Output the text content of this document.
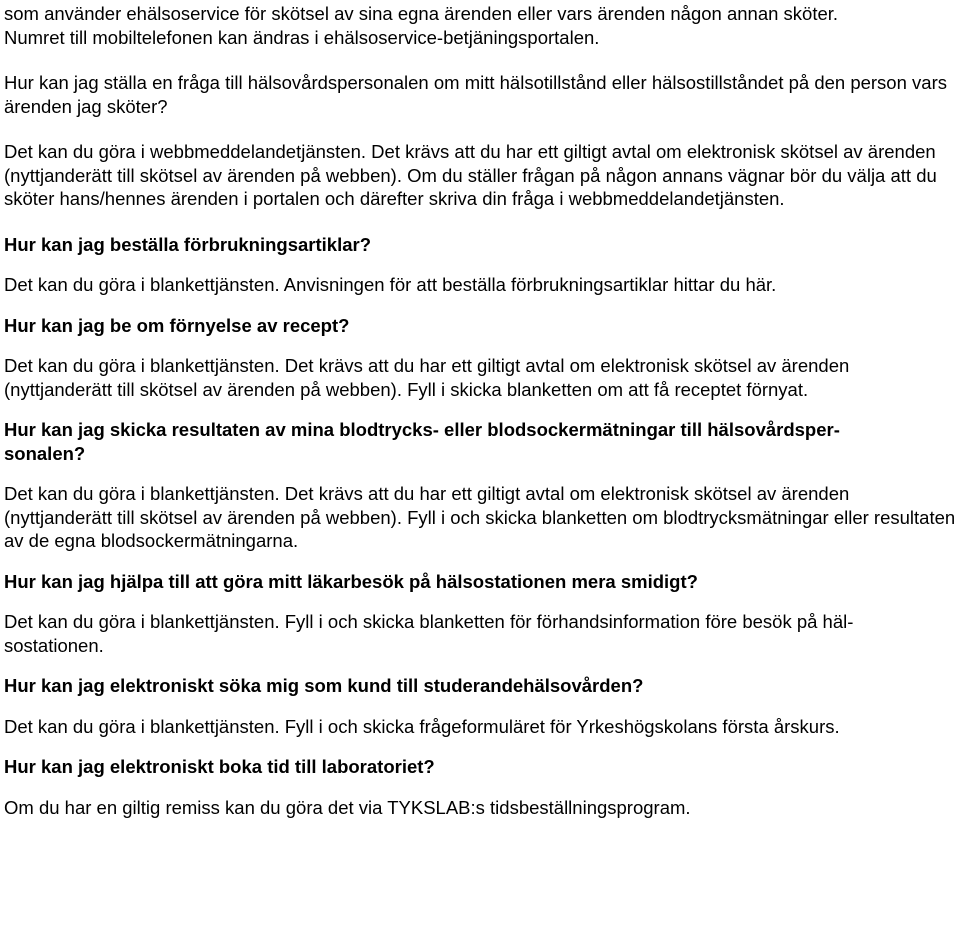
som använder ehälsoservice för skötsel av sina egna ärenden eller vars ärenden någon annan sköter.
Numret till mobiltelefonen kan ändras i ehälsoservice-betjäningsportalen.

Hur kan jag ställa en fråga till hälsovårdspersonalen om mitt hälsotillstånd eller hälsostillståndet på den person vars ärenden jag sköter?

Det kan du göra i webbmeddelandetjänsten. Det krävs att du har ett giltigt avtal om elektronisk skötsel av ärenden (nyttjanderätt till skötsel av ärenden på webben). Om du ställer frågan på någon annans vägnar bör du välja att du sköter hans/hennes ärenden i portalen och därefter skriva din fråga i webbmeddelandetjänsten.

Hur kan jag beställa förbrukningsartiklar?

Det kan du göra i blankettjänsten. Anvisningen för att beställa förbrukningsartiklar hittar du här.

Hur kan jag be om förnyelse av recept?

Det kan du göra i blankettjänsten. Det krävs att du har ett giltigt avtal om elektronisk skötsel av ärenden (nyttjanderätt till skötsel av ärenden på webben). Fyll i skicka blanketten om att få receptet förnyat.

Hur kan jag skicka resultaten av mina blodtrycks- eller blodsockermätningar till hälsovårdsper-
sonalen?

Det kan du göra i blankettjänsten. Det krävs att du har ett giltigt avtal om elektronisk skötsel av ärenden (nyttjanderätt till skötsel av ärenden på webben). Fyll i och skicka blanketten om blodtrycksmätningar eller resultaten av de egna blodsockermätningarna.

Hur kan jag hjälpa till att göra mitt läkarbesök på hälsostationen mera smidigt?

Det kan du göra i blankettjänsten. Fyll i och skicka blanketten för förhandsinformation före besök på häl-
sostationen.

Hur kan jag elektroniskt söka mig som kund till studerandehälsovården?

Det kan du göra i blankettjänsten. Fyll i och skicka frågeformuläret för Yrkeshögskolans första årskurs.

Hur kan jag elektroniskt boka tid till laboratoriet?

Om du har en giltig remiss kan du göra det via TYKSLAB:s tidsbeställningsprogram.
